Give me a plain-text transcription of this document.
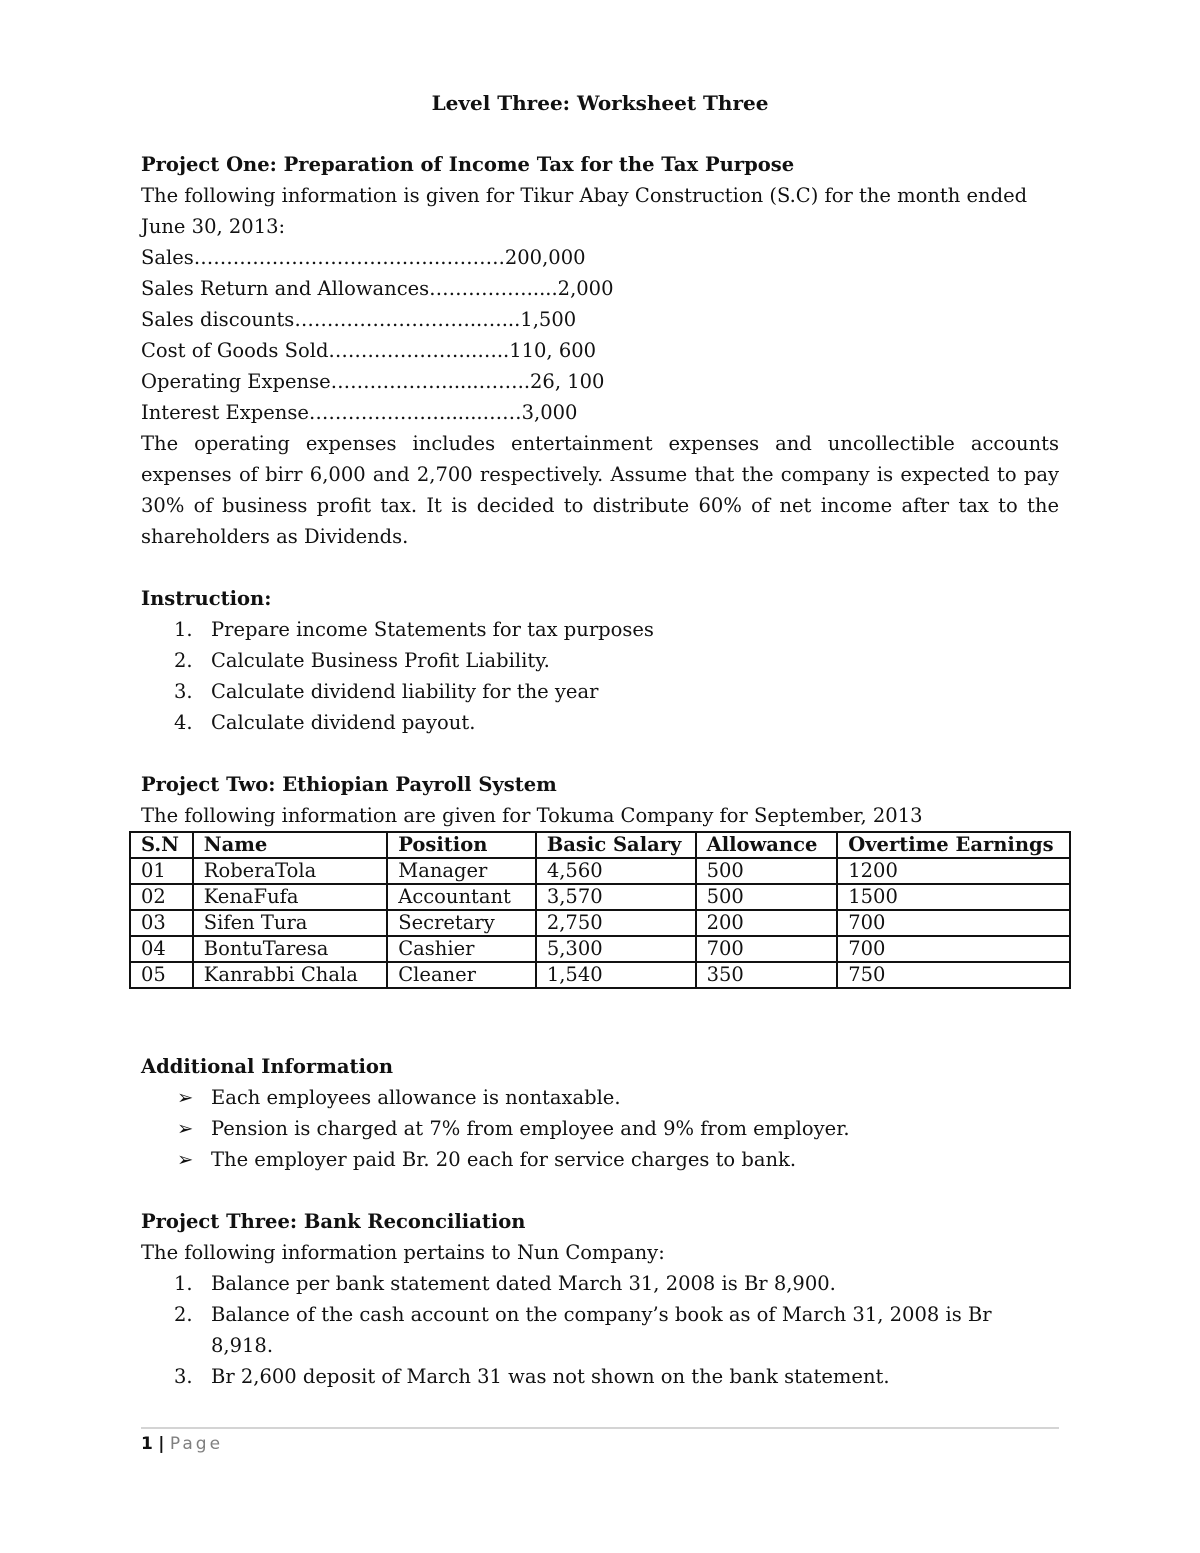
Level Three: Worksheet Three

Project One: Preparation of Income Tax for the Tax Purpose

The following information is given for Tikur Abay Construction (S.C) for the month ended June 30, 2013:

Sales………………………………..……….200,000

Sales Return and Allowances…………….....2,000

Sales discounts………………………..…...1,500

Cost of Goods Sold…………………..…..110, 600

Operating Expense……………….....……..26, 100

Interest Expense…………………......……3,000

The operating expenses includes entertainment expenses and uncollectible accounts expenses of birr 6,000 and 2,700 respectively. Assume that the company is expected to pay 30% of business profit tax. It is decided to distribute 60% of net income after tax to the shareholders as Dividends.

Instruction:

1. Prepare income Statements for tax purposes
2. Calculate Business Profit Liability.
3. Calculate dividend liability for the year
4. Calculate dividend payout.

Project Two: Ethiopian Payroll System

The following information are given for Tokuma Company for September, 2013

S.N	Name	Position	Basic Salary	Allowance	Overtime Earnings
01	RoberaTola	Manager	4,560	500	1200
02	KenaFufa	Accountant	3,570	500	1500
03	Sifen Tura	Secretary	2,750	200	700
04	BontuTaresa	Cashier	5,300	700	700
05	Kanrabbi Chala	Cleaner	1,540	350	750

Additional Information

➢ Each employees allowance is nontaxable.
➢ Pension is charged at 7% from employee and 9% from employer.
➢ The employer paid Br. 20 each for service charges to bank.

Project Three: Bank Reconciliation

The following information pertains to Nun Company:

1. Balance per bank statement dated March 31, 2008 is Br 8,900.
2. Balance of the cash account on the company’s book as of March 31, 2008 is Br 8,918.
3. Br 2,600 deposit of March 31 was not shown on the bank statement.
1 | Page
